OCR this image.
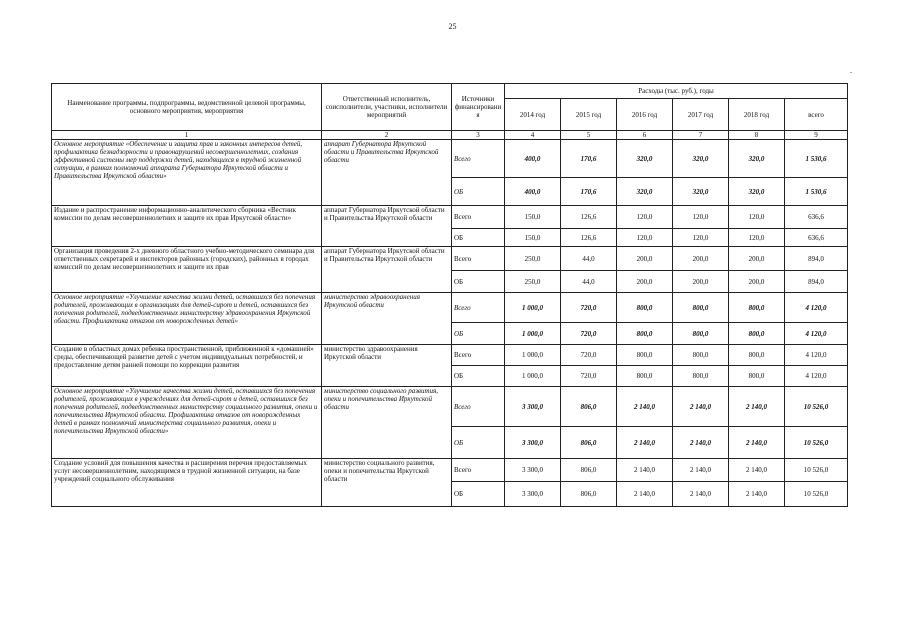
25
.
Наименование программы, подпрограммы, ведомственной целевой программы, основного мероприятия, мероприятия	Ответственный исполнитель, соисполнители, участники, исполнители мероприятий	Источники финансировани я	Расходы (тыс. руб.), годы					
			2014 год	2015 год	2016 год	2017 год	2018 год	всего
1	2	3	4	5	6	7	8	9
Основное мероприятие «Обеспечение и защита прав и законных интересов детей, профилактика безнадзорности и правонарушений несовершеннолетних, создания эффективной системы мер поддержки детей, находящихся в трудной жизненной ситуации, в рамках полномочий аппарата Губернатора Иркутской области и Правительства Иркутской области»	аппарат Губернатора Иркутской области и Правительства Иркутской области	Всего	400,0	170,6	320,0	320,0	320,0	1 530,6
		ОБ	400,0	170,6	320,0	320,0	320,0	1 530,6
Издание и распространение информационно-аналитического сборника «Вестник комиссии по делам несовершеннолетних и защите их прав Иркутской области»	аппарат Губернатора Иркутской области и Правительства Иркутской области	Всего	150,0	126,6	120,0	120,0	120,0	636,6
		ОБ	150,0	126,6	120,0	120,0	120,0	636,6
Организация проведения 2-х дневного областного учебно-методического семинара для ответственных секретарей и инспекторов районных (городских), районных в городах комиссий по делам несовершеннолетних и защите их прав	аппарат Губернатора Иркутской области и Правительства Иркутской области	Всего	250,0	44,0	200,0	200,0	200,0	894,0
		ОБ	250,0	44,0	200,0	200,0	200,0	894,0
Основное мероприятие «Улучшение качества жизни детей, оставшихся без попечения родителей, проживающих в организациях для детей-сирот и детей, оставшихся без попечения родителей, подведомственных министерству здравоохранения Иркутской области. Профилактика отказов от новорожденных детей»	министерство здравоохранения Иркутской области	Всего	1 000,0	720,0	800,0	800,0	800,0	4 120,0
		ОБ	1 000,0	720,0	800,0	800,0	800,0	4 120,0
Создание в областных домах ребенка пространственной, приближенной к «домашней» среды, обеспечивающей развитие детей с учетом индивидуальных потребностей, и предоставление детям ранней помощи по коррекции развития	министерство здравоохранения Иркутской области	Всего	1 000,0	720,0	800,0	800,0	800,0	4 120,0
		ОБ	1 000,0	720,0	800,0	800,0	800,0	4 120,0
Основное мероприятие «Улучшение качества жизни детей, оставшихся без попечения родителей, проживающих в учреждениях для детей-сирот и детей, оставшихся без попечения родителей, подведомственных министерству социального развития, опеки и попечительства Иркутской области. Профилактика отказов от новорожденных детей в рамках полномочий министерства социального развития, опеки и попечительства Иркутской области»	министерство социального развития, опеки и попечительства Иркутской области	Всего	3 300,0	806,0	2 140,0	2 140,0	2 140,0	10 526,0
		ОБ	3 300,0	806,0	2 140,0	2 140,0	2 140,0	10 526,0
Создание условий для повышения качества и расширения перечня предоставляемых услуг несовершеннолетним, находящимся в трудной жизненной ситуации, на базе учреждений социального обслуживания	министерство социального развития, опеки и попечительства Иркутской области	Всего	3 300,0	806,0	2 140,0	2 140,0	2 140,0	10 526,0
		ОБ	3 300,0	806,0	2 140,0	2 140,0	2 140,0	10 526,0
